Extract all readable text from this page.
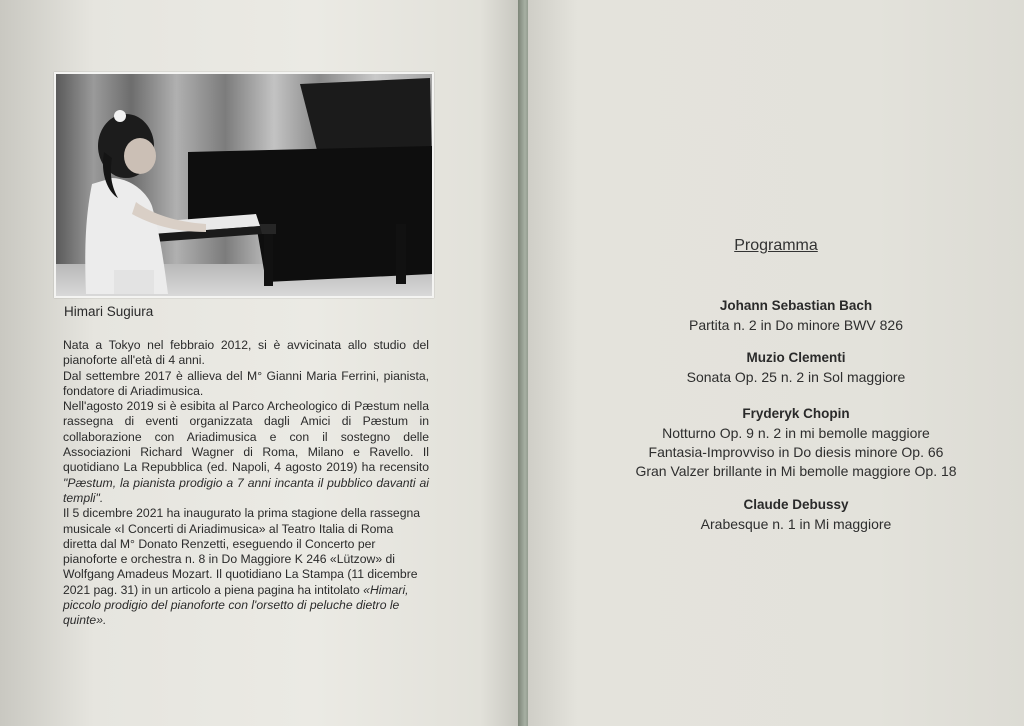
Himari Sugiura

Nata a Tokyo nel febbraio 2012, si è avvicinata allo studio del pianoforte all'età di 4 anni.

Dal settembre 2017 è allieva del M° Gianni Maria Ferrini, pianista, fondatore di Ariadimusica.

Nell'agosto 2019 si è esibita al Parco Archeologico di Pæstum nella rassegna di eventi organizzata dagli Amici di Pæstum in collaborazione con Ariadimusica e con il sostegno delle Associazioni Richard Wagner di Roma, Milano e Ravello. Il quotidiano La Repubblica (ed. Napoli, 4 agosto 2019) ha recensito "Pæstum, la pianista prodigio a 7 anni incanta il pubblico davanti ai templi".

Il 5 dicembre 2021 ha inaugurato la prima stagione della rassegna musicale «I Concerti di Ariadimusica» al Teatro Italia di Roma diretta dal M° Donato Renzetti, eseguendo il Concerto per pianoforte e orchestra n. 8 in Do Maggiore K 246 «Lützow» di Wolfgang Amadeus Mozart. Il quotidiano La Stampa (11 dicembre 2021 pag. 31) in un articolo a piena pagina ha intitolato «Himari, piccolo prodigio del pianoforte con l'orsetto di peluche dietro le quinte».

Programma
Johann Sebastian Bach
Partita n. 2 in Do minore BWV 826
Muzio Clementi
Sonata Op. 25 n. 2 in Sol maggiore
Fryderyk Chopin
Notturno Op. 9 n. 2 in mi bemolle maggiore
Fantasia-Improvviso in Do diesis minore Op. 66
Gran Valzer brillante in Mi bemolle maggiore Op. 18
Claude Debussy
Arabesque n. 1 in Mi maggiore
